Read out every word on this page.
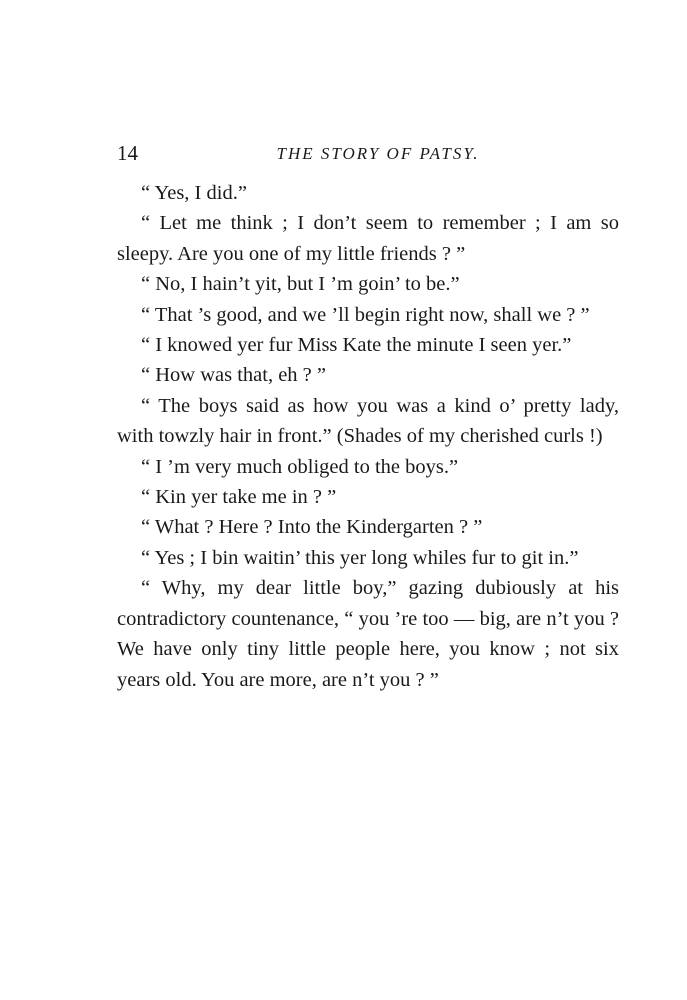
14	THE STORY OF PATSY.

“ Yes, I did.”

“ Let me think ; I don’t seem to remember ; I am so sleepy. Are you one of my little friends ? ”

“ No, I hain’t yit, but I ’m goin’ to be.”

“ That ’s good, and we ’ll begin right now, shall we ? ”

“ I knowed yer fur Miss Kate the minute I seen yer.”

“ How was that, eh ? ”

“ The boys said as how you was a kind o’ pretty lady, with towzly hair in front.” (Shades of my cherished curls !)

“ I ’m very much obliged to the boys.”

“ Kin yer take me in ? ”

“ What ? Here ? Into the Kindergarten ? ”

“ Yes ; I bin waitin’ this yer long whiles fur to git in.”

“ Why, my dear little boy,” gazing dubiously at his contradictory countenance, “ you ’re too — big, are n’t you ? We have only tiny little people here, you know ; not six years old. You are more, are n’t you ? ”
